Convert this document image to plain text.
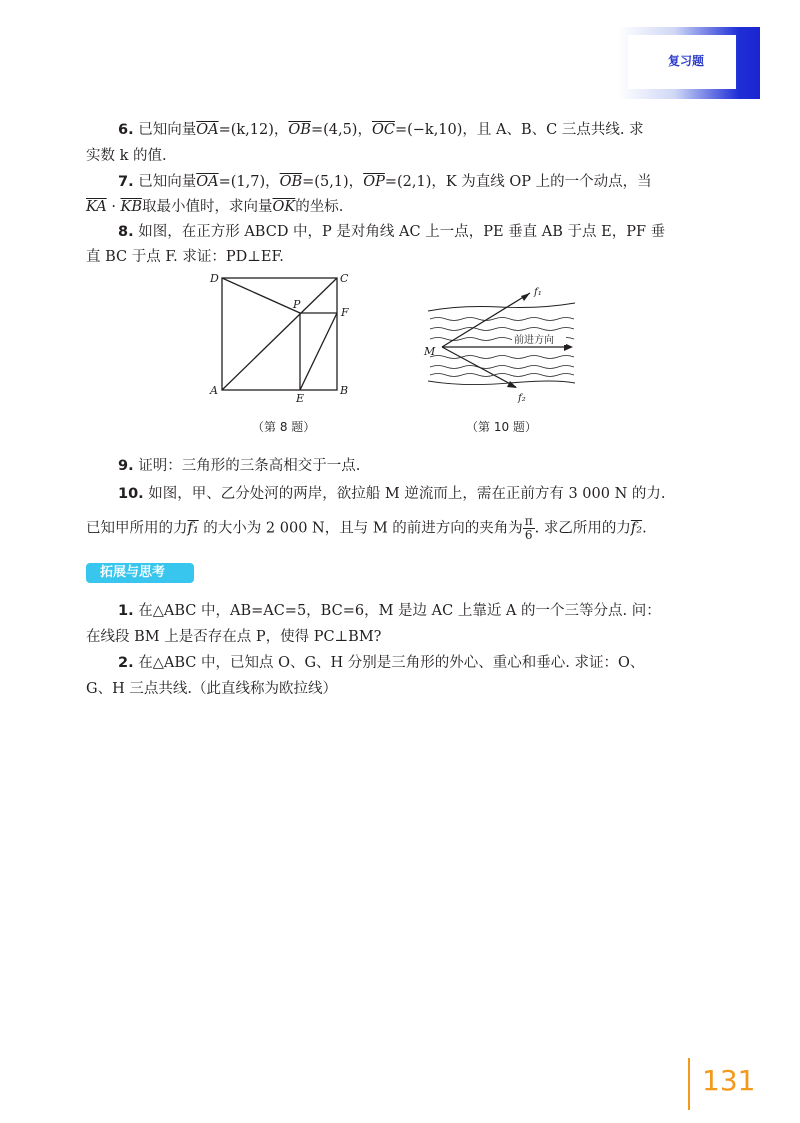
复习题
6. 已知向量$\overline{OA}=(k,12)$，$\overline{OB}=(4,5)$，$\overline{OC}=(-k,10)$，且 A、B、C 三点共线. 求
实数 k 的值.
7. 已知向量$\overline{OA}=(1,7)$，$\overline{OB}=(5,1)$，$\overline{OP}=(2,1)$，K 为直线 OP 上的一个动点，当
$\overline{KA} \cdot \overline{KB}$取最小值时，求向量$\overline{OK}$的坐标.
8. 如图，在正方形 ABCD 中，P 是对角线 AC 上一点，PE 垂直 AB 于点 E，PF 垂
直 BC 于点 F. 求证：PD⊥EF.
D	C
P
F
A
E
B
（第 8 题）
M
f₁
f₂
前进方向
（第 10 题）
9. 证明：三角形的三条高相交于一点.
10. 如图，甲、乙分处河的两岸，欲拉船 M 逆流而上，需在正前方有 3 000 N 的力.
已知甲所用的力f₁ 的大小为 2 000 N，且与 M 的前进方向的夹角为 $\frac{\pi}{6}$ . 求乙所用的力f₂.
拓展与思考
1. 在△ABC 中，AB=AC=5，BC=6，M 是边 AC 上靠近 A 的一个三等分点. 问：
在线段 BM 上是否存在点 P，使得 PC⊥BM?
2. 在△ABC 中，已知点 O、G、H 分别是三角形的外心、重心和垂心. 求证：O、
G、H 三点共线.（此直线称为欧拉线）
131
